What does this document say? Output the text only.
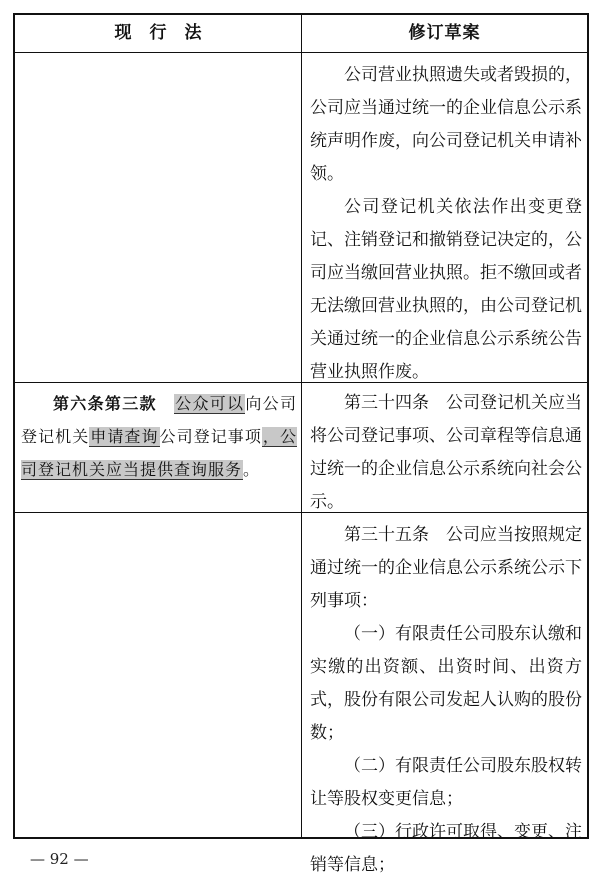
现行法	修订草案

公司营业执照遗失或者毁损的，公司应当通过统一的企业信息公示系统声明作废，向公司登记机关申请补领。

公司登记机关依法作出变更登记、注销登记和撤销登记决定的，公司应当缴回营业执照。拒不缴回或者无法缴回营业执照的，由公司登记机关通过统一的企业信息公示系统公告营业执照作废。

第六条第三款　 公众可以向公司登记机关申请查询公司登记事项，公司登记机关应当提供查询服务。

第三十四条　公司登记机关应当将公司登记事项、公司章程等信息通过统一的企业信息公示系统向社会公示。

第三十五条　公司应当按照规定通过统一的企业信息公示系统公示下列事项：

（一）有限责任公司股东认缴和实缴的出资额、出资时间、出资方式，股份有限公司发起人认购的股份数；

（二）有限责任公司股东股权转让等股权变更信息；

（三）行政许可取得、变更、注销等信息；

— 92 —
